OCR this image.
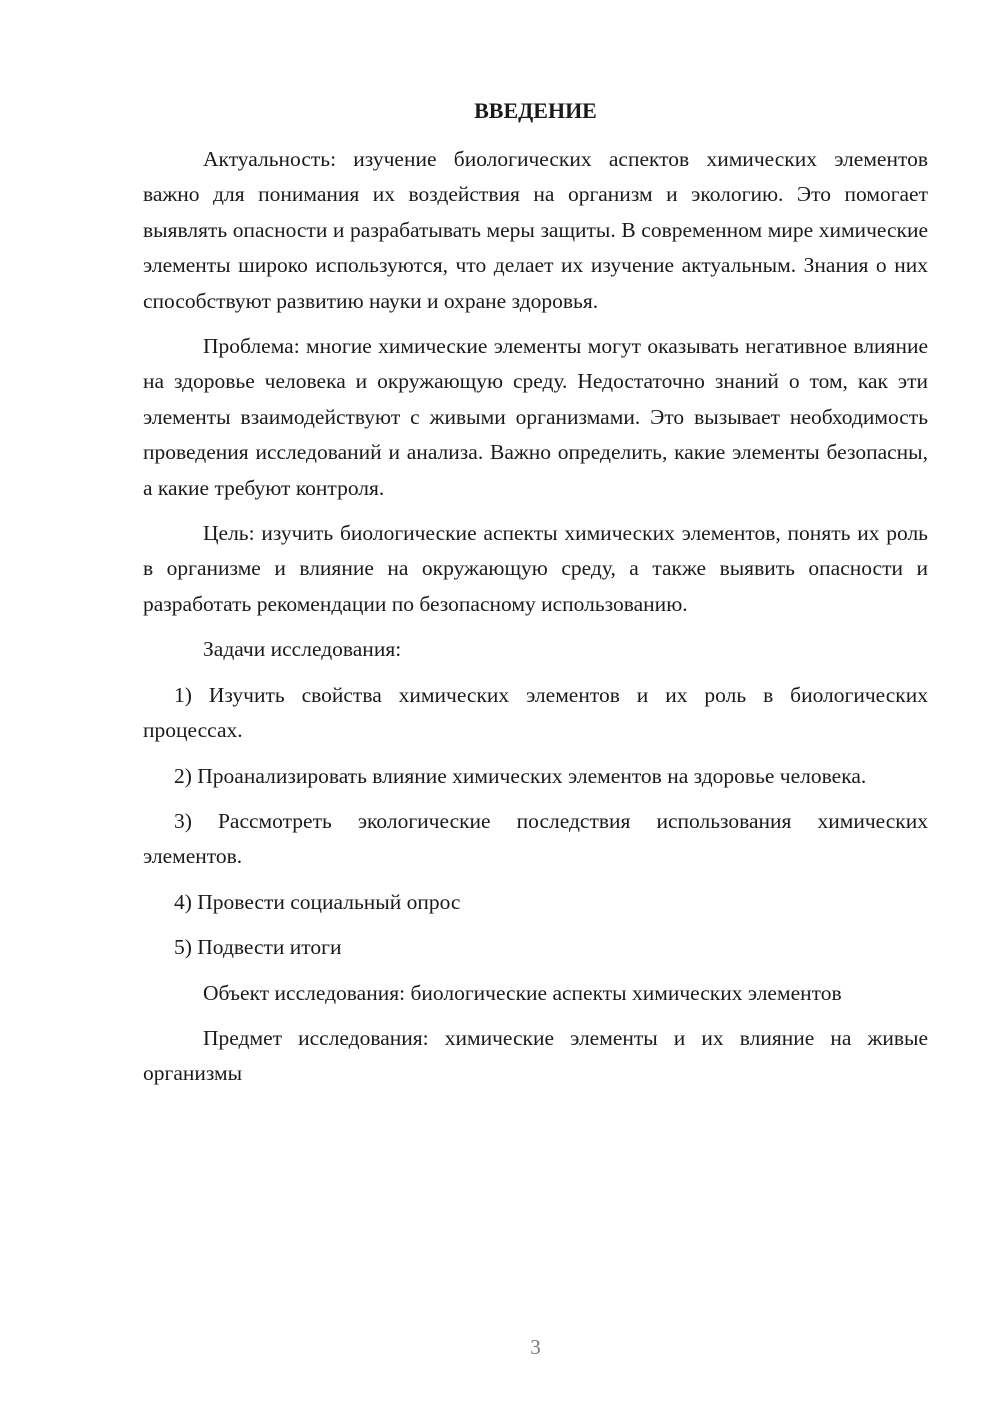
ВВЕДЕНИЕ

Актуальность: изучение биологических аспектов химических элементов важно для понимания их воздействия на организм и экологию. Это помогает выявлять опасности и разрабатывать меры защиты. В современном мире химические элементы широко используются, что делает их изучение актуальным. Знания о них способствуют развитию науки и охране здоровья.

Проблема: многие химические элементы могут оказывать негативное влияние на здоровье человека и окружающую среду. Недостаточно знаний о том, как эти элементы взаимодействуют с живыми организмами. Это вызывает необходимость проведения исследований и анализа. Важно определить, какие элементы безопасны, а какие требуют контроля.

Цель: изучить биологические аспекты химических элементов, понять их роль в организме и влияние на окружающую среду, а также выявить опасности и разработать рекомендации по безопасному использованию.

Задачи исследования:

1) Изучить свойства химических элементов и их роль в биологических процессах.

2) Проанализировать влияние химических элементов на здоровье человека.

3) Рассмотреть экологические последствия использования химических элементов.

4) Провести социальный опрос

5) Подвести итоги

Объект исследования: биологические аспекты химических элементов

Предмет исследования: химические элементы и их влияние на живые организмы

3
